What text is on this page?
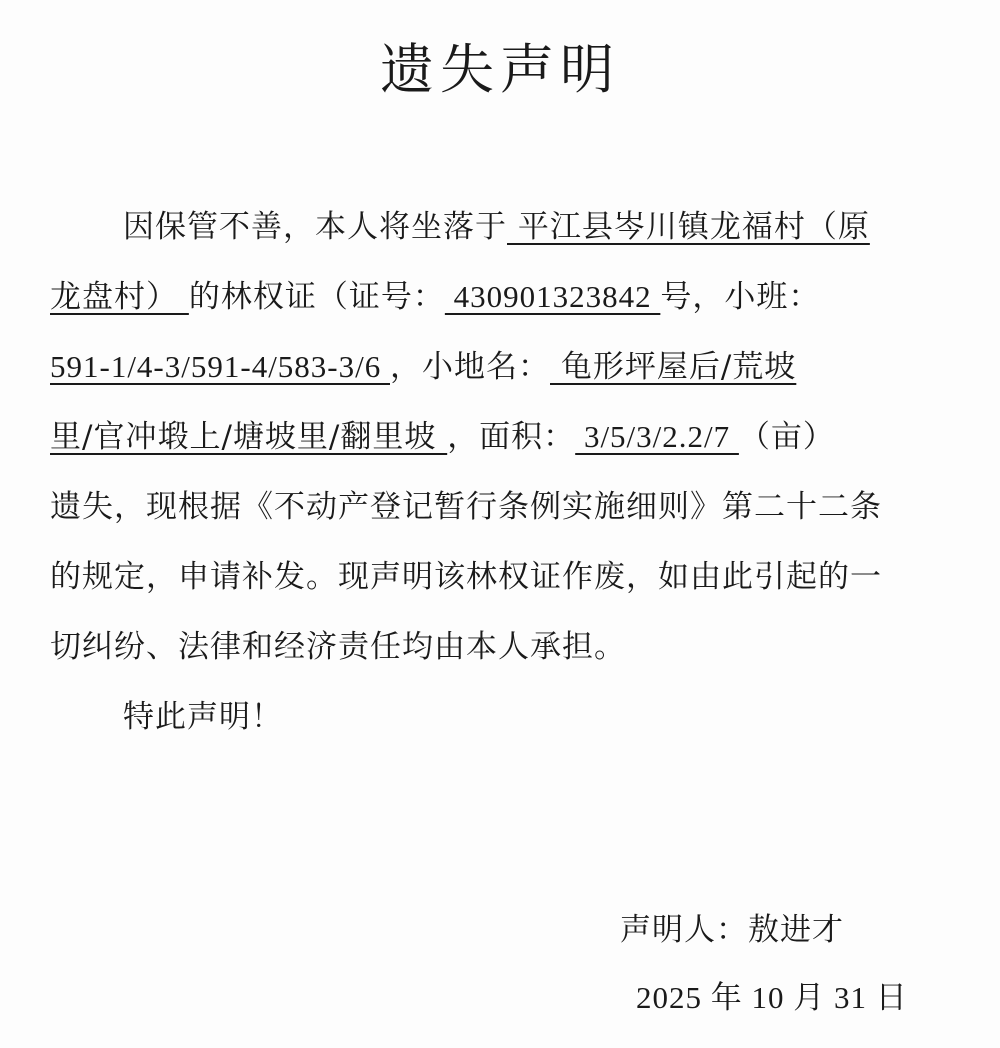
遗失声明
因保管不善，本人将坐落于 平江县岑川镇龙福村（原
龙盘村） 的林权证（证号： 430901323842 号，小班：
591-1/4-3/591-4/583-3/6 ，小地名： 龟形坪屋后/荒坡
里/官冲塅上/塘坡里/翻里坡 ，面积： 3/5/3/2.2/7 （亩）
遗失，现根据《不动产登记暂行条例实施细则》第二十二条
的规定，申请补发。现声明该林权证作废，如由此引起的一
切纠纷、法律和经济责任均由本人承担。
特此声明！
声明人：敖进才
2025 年 10 月 31 日
